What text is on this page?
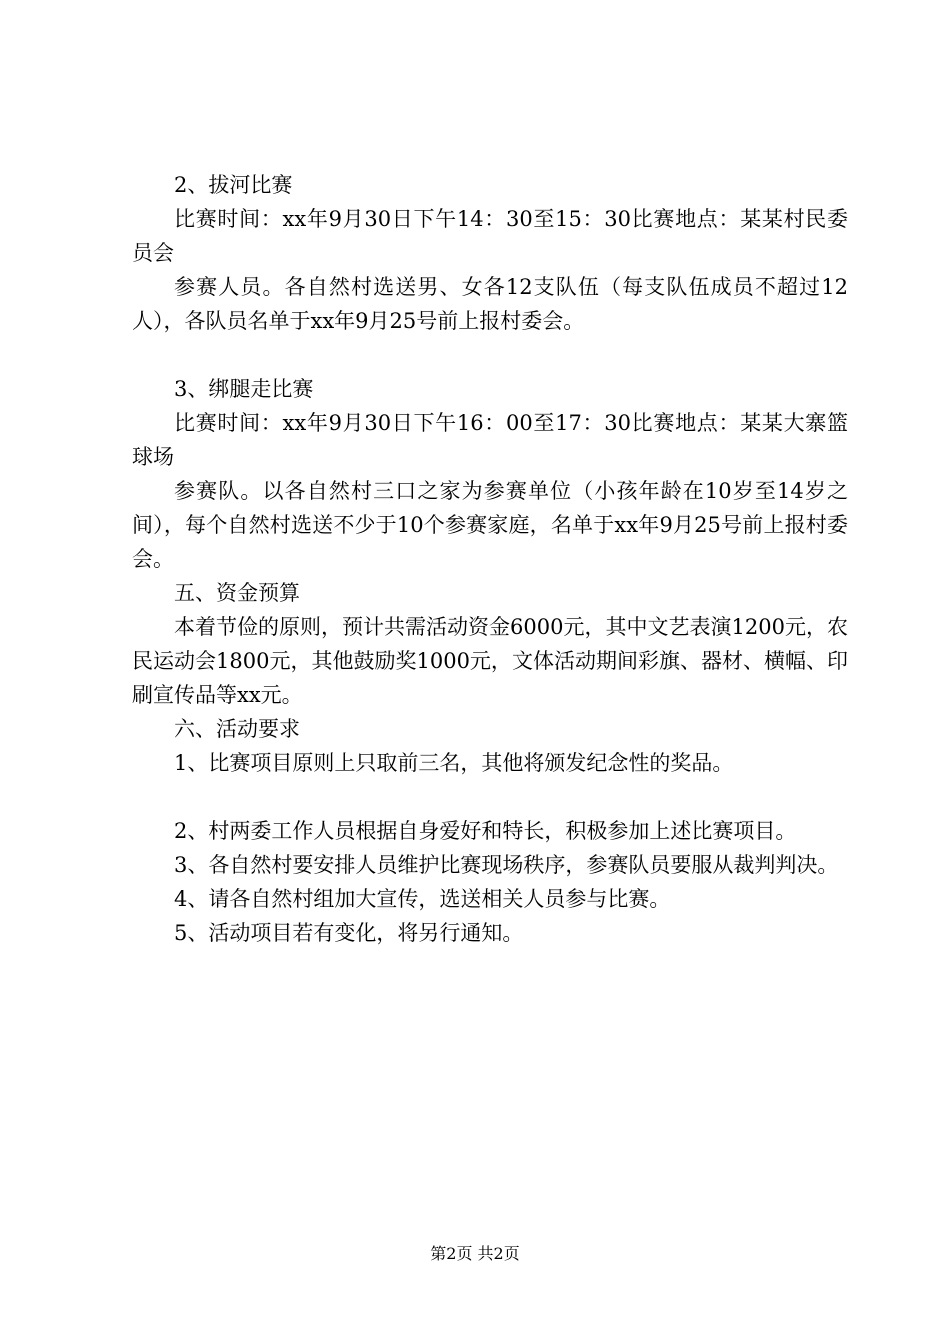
2、拔河比赛

比赛时间：xx年9月30日下午14：30至15：30比赛地点：某某村民委员会

参赛人员。各自然村选送男、女各12支队伍（每支队伍成员不超过12人），各队员名单于xx年9月25号前上报村委会。

3、绑腿走比赛

比赛时间：xx年9月30日下午16：00至17：30比赛地点：某某大寨篮球场

参赛队。以各自然村三口之家为参赛单位（小孩年龄在10岁至14岁之间），每个自然村选送不少于10个参赛家庭，名单于xx年9月25号前上报村委会。

五、资金预算

本着节俭的原则，预计共需活动资金6000元，其中文艺表演1200元，农民运动会1800元，其他鼓励奖1000元，文体活动期间彩旗、器材、横幅、印刷宣传品等xx元。

六、活动要求

1、比赛项目原则上只取前三名，其他将颁发纪念性的奖品。

2、村两委工作人员根据自身爱好和特长，积极参加上述比赛项目。

3、各自然村要安排人员维护比赛现场秩序，参赛队员要服从裁判判决。

4、请各自然村组加大宣传，选送相关人员参与比赛。

5、活动项目若有变化，将另行通知。

第2页 共2页
